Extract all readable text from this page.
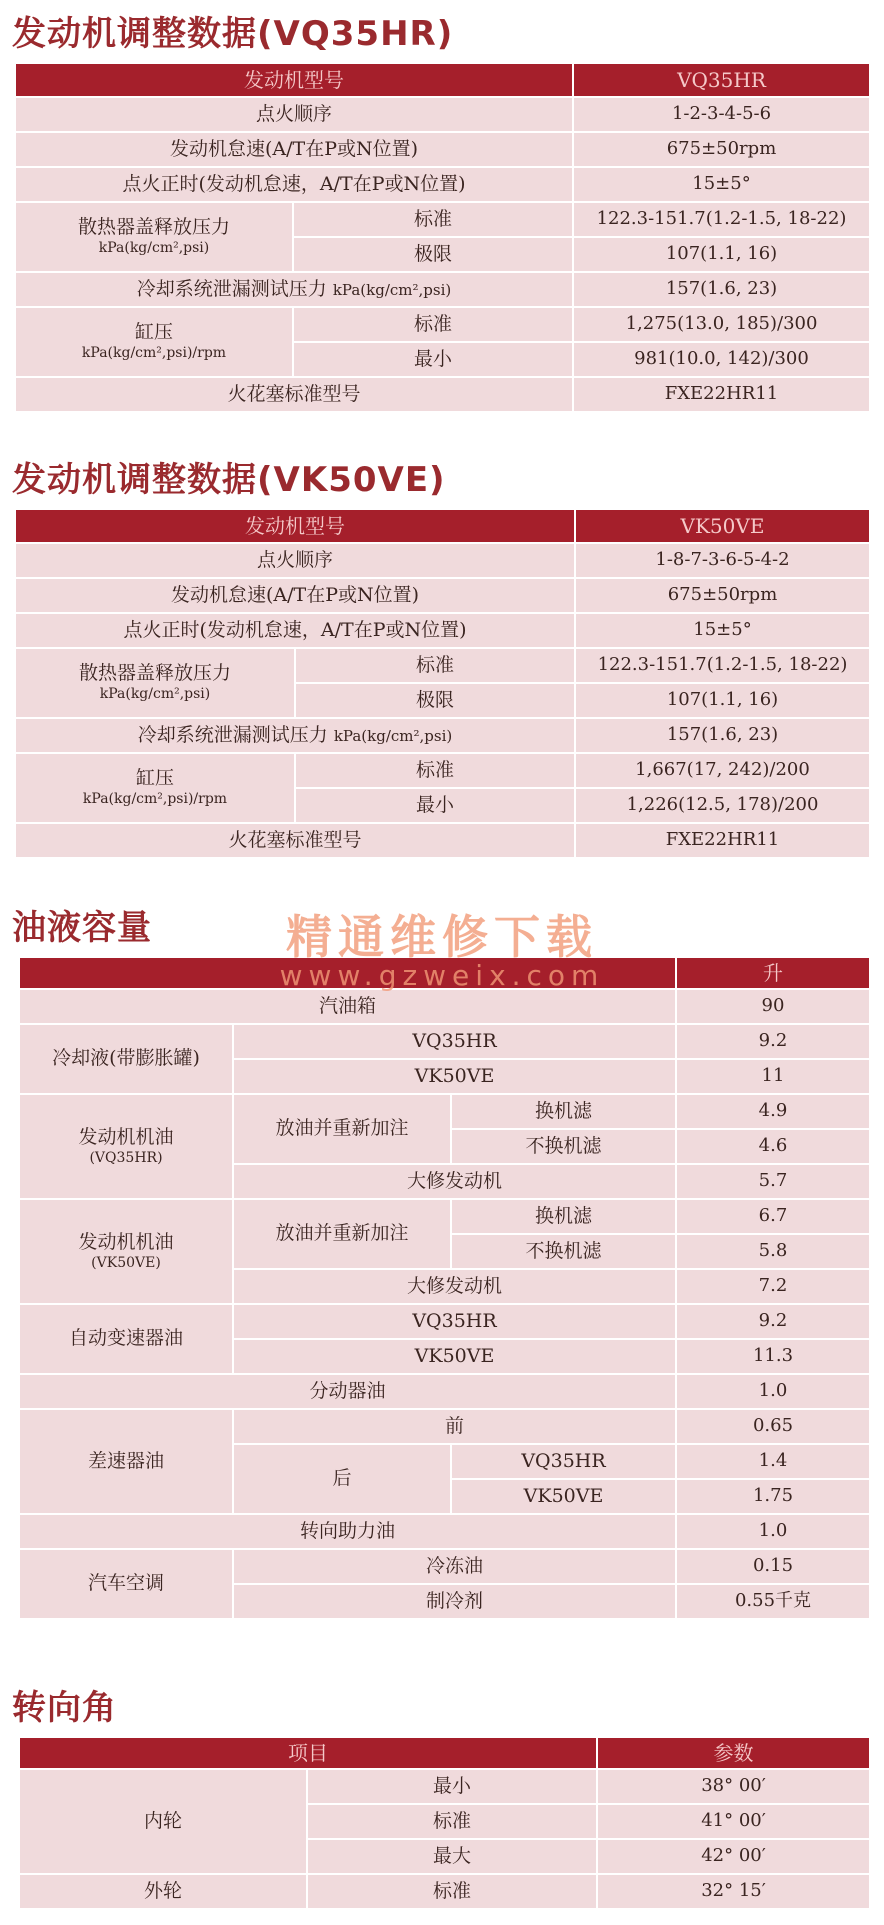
发动机调整数据(VQ35HR)
发动机型号		VQ35HR
点火顺序		1-2-3-4-5-6
发动机怠速(A/T在P或N位置)		675±50rpm
点火正时(发动机怠速，A/T在P或N位置)		15±5°
散热器盖释放压力
kPa(kg/cm²,psi)	标准	122.3-151.7(1.2-1.5, 18-22)
	极限	107(1.1, 16)
冷却系统泄漏测试压力 kPa(kg/cm²,psi)		157(1.6, 23)
缸压
kPa(kg/cm²,psi)/rpm	标准	1,275(13.0, 185)/300
	最小	981(10.0, 142)/300
火花塞标准型号		FXE22HR11
发动机调整数据(VK50VE)
发动机型号		VK50VE
点火顺序		1-8-7-3-6-5-4-2
发动机怠速(A/T在P或N位置)		675±50rpm
点火正时(发动机怠速，A/T在P或N位置)		15±5°
散热器盖释放压力
kPa(kg/cm²,psi)	标准	122.3-151.7(1.2-1.5, 18-22)
	极限	107(1.1, 16)
冷却系统泄漏测试压力 kPa(kg/cm²,psi)		157(1.6, 23)
缸压
kPa(kg/cm²,psi)/rpm	标准	1,667(17, 242)/200
	最小	1,226(12.5, 178)/200
火花塞标准型号		FXE22HR11
油液容量
			升
汽油箱			90
冷却液(带膨胀罐)	VQ35HR		9.2
	VK50VE		11
发动机机油
(VQ35HR)	放油并重新加注	换机滤	4.9
		不换机滤	4.6
	大修发动机		5.7
发动机机油
(VK50VE)	放油并重新加注	换机滤	6.7
		不换机滤	5.8
	大修发动机		7.2
自动变速器油	VQ35HR		9.2
	VK50VE		11.3
分动器油			1.0
差速器油	前		0.65
	后	VQ35HR	1.4
		VK50VE	1.75
转向助力油			1.0
汽车空调	冷冻油		0.15
	制冷剂		0.55千克
精通维修下载
www.gzweix.com
转向角
项目		参数
内轮	最小	38° 00′
	标准	41° 00′
	最大	42° 00′
外轮	标准	32° 15′
